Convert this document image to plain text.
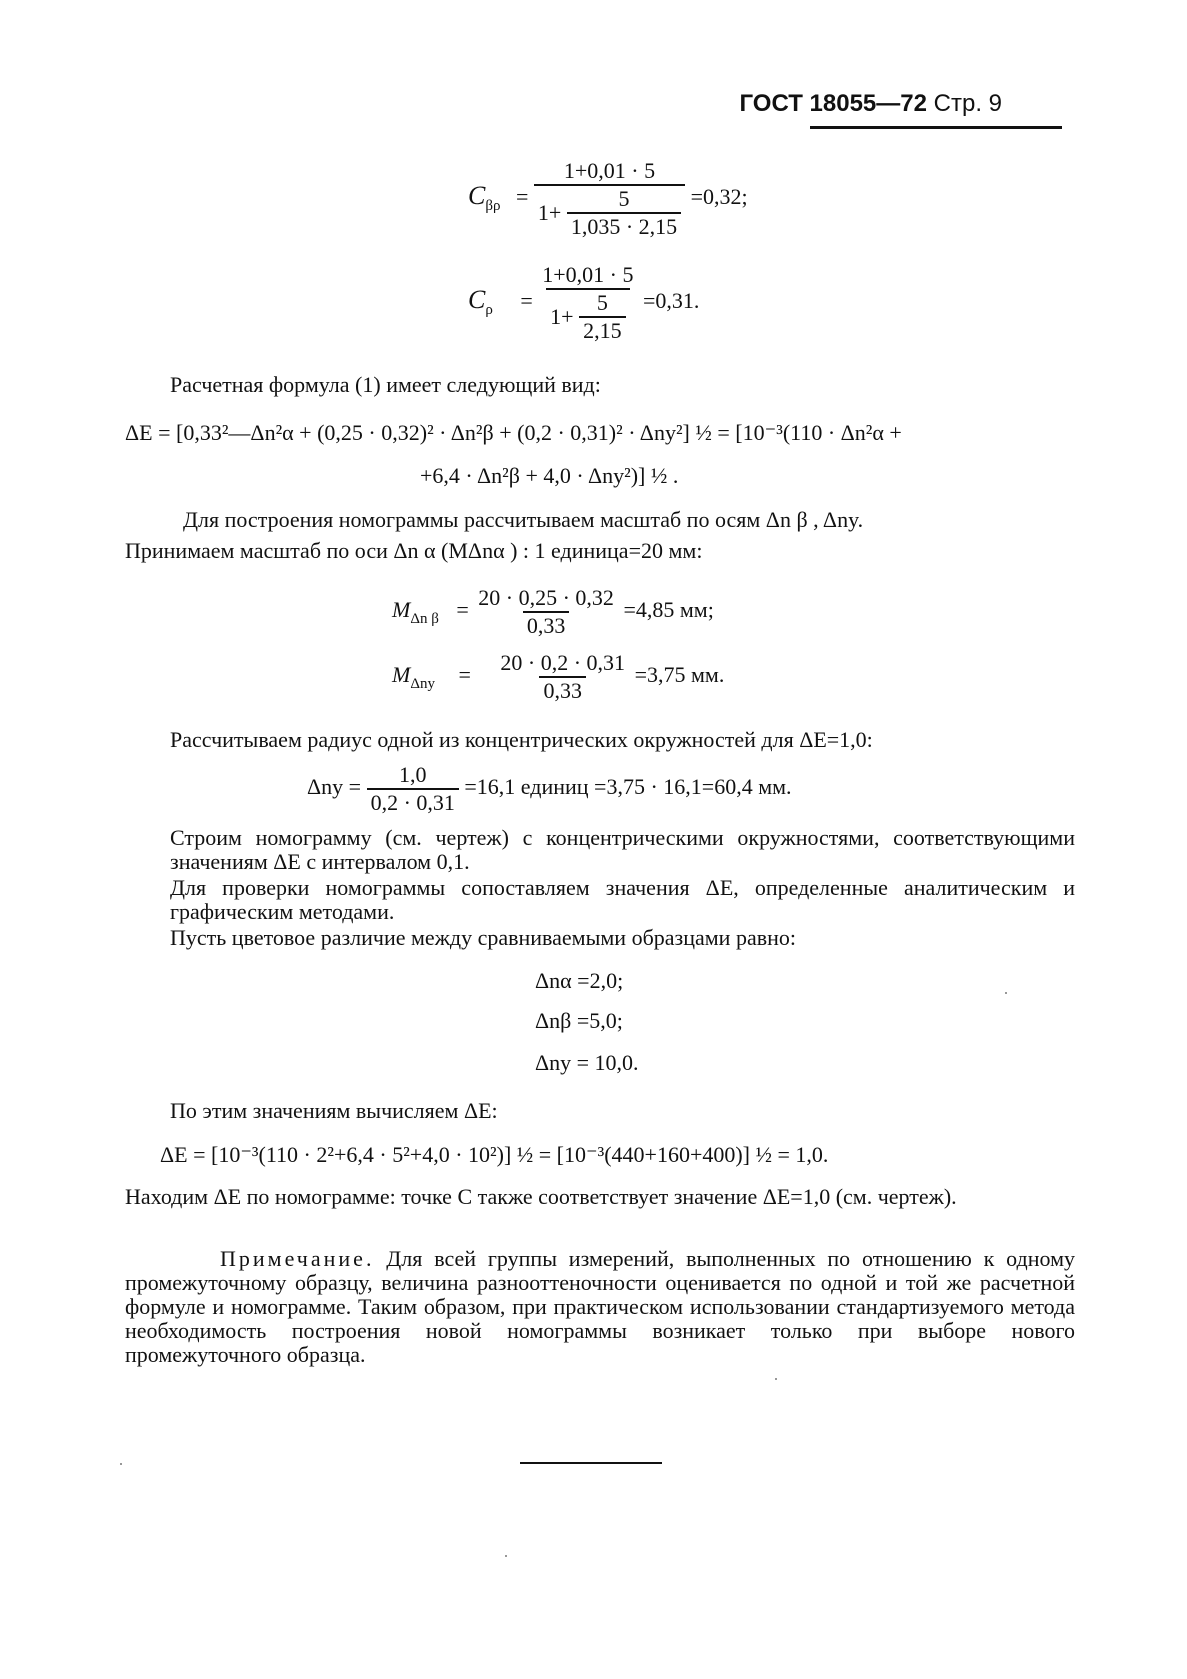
ГОСТ 18055—72 Стр. 9
$C_{\beta\rho} = \frac{1+0,01 \cdot 5}{1+ \frac{5}{1,035 \cdot 2,15}} =0,32$;
$C_\rho = \frac{1+0,01 \cdot 5}{1+ \frac{5}{2,15}} =0,31$.
Расчетная формула (1) имеет следующий вид:
ΔE = [0,33²—Δn²α + (0,25 · 0,32)² · Δn²β + (0,2 · 0,31)² · Δny²] ½ = [10⁻³(110 · Δn²α +
+6,4 · Δn²β + 4,0 · Δny²)] ½ .
Для построения номограммы рассчитываем масштаб по осям Δn β , Δny.
Принимаем масштаб по оси Δn α (MΔnα ) : 1 единица=20 мм:
$M_{\Delta n \beta} = \frac{20 \cdot 0,25 \cdot 0,32}{0,33} =4,85$ мм;
$M_{\Delta ny} = \frac{20 \cdot 0,2 \cdot 0,31}{0,33} =3,75$ мм.
Рассчитываем радиус одной из концентрических окружностей для ΔE=1,0:
$\Delta ny = \frac{1,0}{0,2 \cdot 0,31} =16,1$ единиц =3,75 · 16,1=60,4 мм.
Строим номограмму (см. чертеж) с концентрическими окружностями, соответствующими значениям ΔE с интервалом 0,1.
Для проверки номограммы сопоставляем значения ΔE, определенные аналитическим и графическим методами.
Пусть цветовое различие между сравниваемыми образцами равно:
Δnα =2,0;
Δnβ =5,0;
Δny = 10,0.
По этим значениям вычисляем ΔE:
ΔE = [10⁻³(110 · 2²+6,4 · 5²+4,0 · 10²)] ½ = [10⁻³(440+160+400)] ½ = 1,0.
Находим ΔE по номограмме: точке C также соответствует значение ΔE=1,0 (см. чертеж).
Примечание. Для всей группы измерений, выполненных по отношению к одному промежуточному образцу, величина разнооттеночности оценивается по одной и той же расчетной формуле и номограмме. Таким образом, при практическом использовании стандартизуемого метода необходимость построения новой номограммы возникает только при выборе нового промежуточного образца.
